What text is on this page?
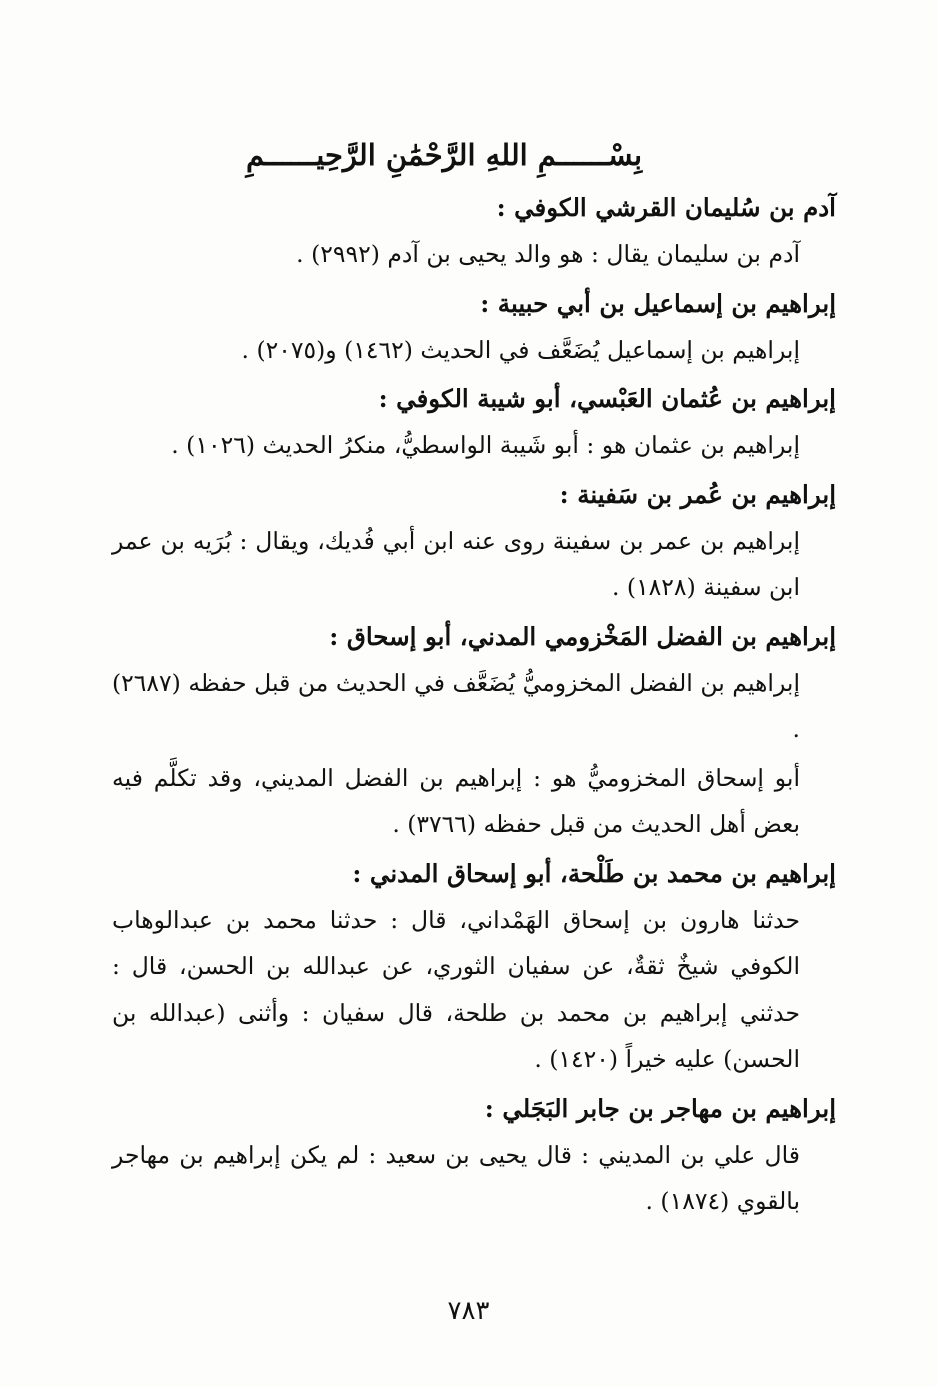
بِسْــــــمِ اللهِ الرَّحْمَٰنِ الرَّحِيــــــمِ

آدم بن سُليمان القرشي الكوفي :

آدم بن سليمان يقال : هو والد يحيى بن آدم (٢٩٩٢) .

إبراهيم بن إسماعيل بن أبي حبيبة :

إبراهيم بن إسماعيل يُضَعَّف في الحديث (١٤٦٢) و(٢٠٧٥) .

إبراهيم بن عُثمان العَبْسي، أبو شيبة الكوفي :

إبراهيم بن عثمان هو : أبو شَيبة الواسطيُّ، منكرُ الحديث (١٠٢٦) .

إبراهيم بن عُمر بن سَفينة :

إبراهيم بن عمر بن سفينة روى عنه ابن أبي فُديك، ويقال : بُرَيه بن عمر ابن سفينة (١٨٢٨) .

إبراهيم بن الفضل المَخْزومي المدني، أبو إسحاق :

إبراهيم بن الفضل المخزوميُّ يُضَعَّف في الحديث من قبل حفظه (٢٦٨٧) .

أبو إسحاق المخزوميُّ هو : إبراهيم بن الفضل المديني، وقد تكلَّم فيه بعض أهل الحديث من قبل حفظه (٣٧٦٦) .

إبراهيم بن محمد بن طَلْحة، أبو إسحاق المدني :

حدثنا هارون بن إسحاق الهَمْداني، قال : حدثنا محمد بن عبدالوهاب الكوفي شيخٌ ثقةٌ، عن سفيان الثوري، عن عبدالله بن الحسن، قال : حدثني إبراهيم بن محمد بن طلحة، قال سفيان : وأثنى (عبدالله بن الحسن) عليه خيراً (١٤٢٠) .

إبراهيم بن مهاجر بن جابر البَجَلي :

قال علي بن المديني : قال يحيى بن سعيد : لم يكن إبراهيم بن مهاجر بالقوي (١٨٧٤) .

٧٨٣
